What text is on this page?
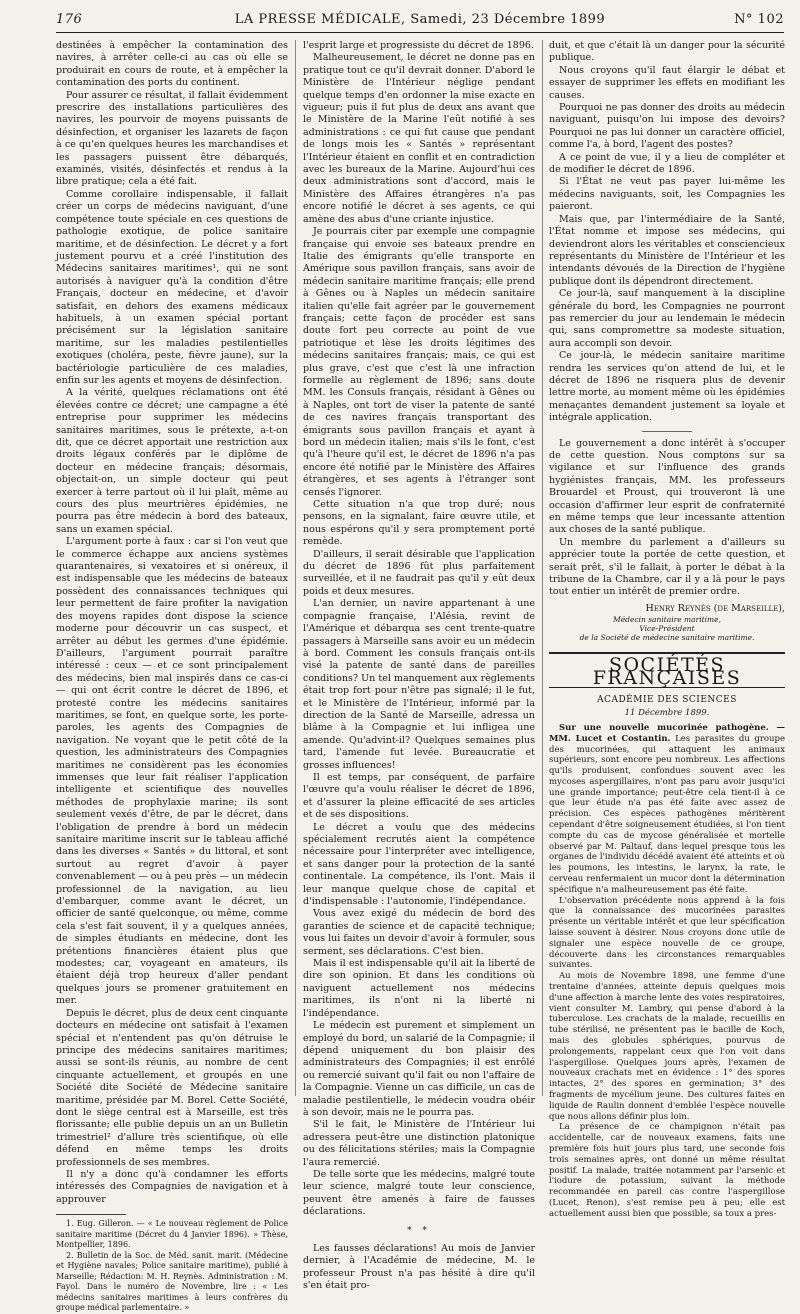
176	LA PRESSE MÉDICALE, Samedi, 23 Décembre 1899	N° 102

destinées à empêcher la contamination des navires, à arrêter celle-ci au cas où elle se produirait en cours de route, et à empêcher la contamination des ports du continent.

Pour assurer ce résultat, il fallait évidemment prescrire des installations particulières des navires, les pourvoir de moyens puissants de désinfection, et organiser les lazarets de façon à ce qu'en quelques heures les marchandises et les passagers puissent être débarqués, examinés, visités, désinfectés et rendus à la libre pratique; cela a été fait.

Comme corollaire indispensable, il fallait créer un corps de médecins naviguant, d'une compétence toute spéciale en ces questions de pathologie exotique, de police sanitaire maritime, et de désinfection. Le décret y a fort justement pourvu et a créé l'institution des Médecins sanitaires maritimes¹, qui ne sont autorisés à naviguer qu'à la condition d'être Français, docteur en médecine, et d'avoir satisfait, en dehors des examens médicaux habituels, à un examen spécial portant précisément sur la législation sanitaire maritime, sur les maladies pestilentielles exotiques (choléra, peste, fièvre jaune), sur la bactériologie particulière de ces maladies, enfin sur les agents et moyens de désinfection.

A la vérité, quelques réclamations ont été élevées contre ce décret; une campagne a été entreprise pour supprimer les médecins sanitaires maritimes, sous le prétexte, a-t-on dit, que ce décret apportait une restriction aux droits légaux conférés par le diplôme de docteur en médecine français; désormais, objectait-on, un simple docteur qui peut exercer à terre partout où il lui plaît, même au cours des plus meurtrières épidémies, ne pourra pas être médecin à bord des bateaux, sans un examen spécial.

L'argument porte à faux : car si l'on veut que le commerce échappe aux anciens systèmes quarantenaires, si vexatoires et si onéreux, il est indispensable que les médecins de bateaux possèdent des connaissances techniques qui leur permettent de faire profiter la navigation des moyens rapides dont dispose la science moderne pour découvrir un cas suspect, et arrêter au début les germes d'une épidémie. D'ailleurs, l'argument pourrait paraître intéressé : ceux — et ce sont principalement des médecins, bien mal inspirés dans ce cas-ci — qui ont écrit contre le décret de 1896, et protesté contre les médecins sanitaires maritimes, se font, en quelque sorte, les porte-paroles, les agents des Compagnies de navigation. Ne voyant que le petit côté de la question, les administrateurs des Compagnies maritimes ne considèrent pas les économies immenses que leur fait réaliser l'application intelligente et scientifique des nouvelles méthodes de prophylaxie marine; ils sont seulement vexés d'être, de par le décret, dans l'obligation de prendre à bord un médecin sanitaire maritime inscrit sur le tableau affiché dans les diverses « Santés » du littoral, et sont surtout au regret d'avoir à payer convenablement — ou à peu près — un médecin professionnel de la navigation, au lieu d'embarquer, comme avant le décret, un officier de santé quelconque, ou même, comme cela s'est fait souvent, il y a quelques années, de simples étudiants en médecine, dont les prétentions financières étaient plus que modestes; car, voyageant en amateurs, ils étaient déjà trop heureux d'aller pendant quelques jours se promener gratuitement en mer.

Depuis le décret, plus de deux cent cinquante docteurs en médecine ont satisfait à l'examen spécial et n'entendent pas qu'on détruise le principe des médecins sanitaires maritimes; aussi se sont-ils réunis, au nombre de cent cinquante actuellement, et groupés en une Société dite Société de Médecine sanitaire maritime, présidée par M. Borel. Cette Société, dont le siège central est à Marseille, est très florissante; elle publie depuis un an un Bulletin trimestriel² d'allure très scientifique, où elle défend en même temps les droits professionnels de ses membres.

Il n'y a donc qu'à condamner les efforts intéressés des Compagnies de navigation et à approuver

1. Eug. Gilleron. — « Le nouveau règlement de Police sanitaire maritime (Décret du 4 Janvier 1896). » Thèse, Montpellier, 1896.

2. Bulletin de la Soc. de Méd. sanit. marit. (Médecine et Hygiène navales; Police sanitaire maritime), publié à Marseille; Rédaction: M. H. Reynès. Administration : M. Fayol. Dans le numéro de Novembre, lire : « Les médecins sanitaires maritimes à leurs confrères du groupe médical parlementaire. »

l'esprit large et progressiste du décret de 1896.

Malheureusement, le décret ne donne pas en pratique tout ce qu'il devrait donner. D'abord le Ministère de l'Intérieur néglige pendant quelque temps d'en ordonner la mise exacte en vigueur; puis il fut plus de deux ans avant que le Ministère de la Marine l'eût notifié à ses administrations : ce qui fut cause que pendant de longs mois les « Santés » représentant l'Intérieur étaient en conflit et en contradiction avec les bureaux de la Marine. Aujourd'hui ces deux administrations sont d'accord, mais le Ministère des Affaires étrangères n'a pas encore notifié le décret à ses agents, ce qui amène des abus d'une criante injustice.

Je pourrais citer par exemple une compagnie française qui envoie ses bateaux prendre en Italie des émigrants qu'elle transporte en Amérique sous pavillon français, sans avoir de médecin sanitaire maritime français; elle prend à Gênes ou à Naples un médecin sanitaire italien qu'elle fait agréer par le gouvernement français; cette façon de procéder est sans doute fort peu correcte au point de vue patriotique et lèse les droits légitimes des médecins sanitaires français; mais, ce qui est plus grave, c'est que c'est là une infraction formelle au règlement de 1896; sans doute MM. les Consuls français, résidant à Gênes ou à Naples, ont tort de viser la patente de santé de ces navires français transportant des émigrants sous pavillon français et ayant à bord un médecin italien; mais s'ils le font, c'est qu'à l'heure qu'il est, le décret de 1896 n'a pas encore été notifié par le Ministère des Affaires étrangères, et ses agents à l'étranger sont censés l'ignorer.

Cette situation n'a que trop duré; nous pensons, en la signalant, faire œuvre utile, et nous espérons qu'il y sera promptement porté remède.

D'ailleurs, il serait désirable que l'application du décret de 1896 fût plus parfaitement surveillée, et il ne faudrait pas qu'il y eût deux poids et deux mesures.

L'an dernier, un navire appartenant à une compagnie française, l'Alésia, revint de l'Amérique et débarqua ses cent trente-quatre passagers à Marseille sans avoir eu un médecin à bord. Comment les consuls français ont-ils visé la patente de santé dans de pareilles conditions? Un tel manquement aux règlements était trop fort pour n'être pas signalé; il le fut, et le Ministère de l'Intérieur, informé par la direction de la Santé de Marseille, adressa un blâme à la Compagnie et lui infligea une amende. Qu'advint-il? Quelques semaines plus tard, l'amende fut levée. Bureaucratie et grosses influences!

Il est temps, par conséquent, de parfaire l'œuvre qu'a voulu réaliser le décret de 1896, et d'assurer la pleine efficacité de ses articles et de ses dispositions.

Le décret a voulu que des médecins spécialement recrutés aient la compétence nécessaire pour l'interpréter avec intelligence, et sans danger pour la protection de la santé continentale. La compétence, ils l'ont. Mais il leur manque quelque chose de capital et d'indispensable : l'autonomie, l'indépendance.

Vous avez exigé du médecin de bord des garanties de science et de capacité technique; vous lui faites un devoir d'avoir à formuler, sous serment, ses déclarations. C'est bien.

Mais il est indispensable qu'il ait la liberté de dire son opinion. Et dans les conditions où naviguent actuellement nos médecins maritimes, ils n'ont ni la liberté ni l'indépendance.

Le médecin est purement et simplement un employé du bord, un salarié de la Compagnie; il dépend uniquement du bon plaisir des administrateurs des Compagnies; il est enrôlé ou remercié suivant qu'il fait ou non l'affaire de la Compagnie. Vienne un cas difficile, un cas de maladie pestilentielle, le médecin voudra obéir à son devoir, mais ne le pourra pas.

S'il le fait, le Ministère de l'Intérieur lui adressera peut-être une distinction platonique ou des félicitations stériles; mais la Compagnie l'aura remercié.

De telle sorte que les médecins, malgré toute leur science, malgré toute leur conscience, peuvent être amenés à faire de fausses déclarations.

* *

Les fausses déclarations! Au mois de Janvier dernier, à l'Académie de médecine, M. le professeur Proust n'a pas hésité à dire qu'il s'en était pro-

duit, et que c'était là un danger pour la sécurité publique.

Nous croyons qu'il faut élargir le débat et essayer de supprimer les effets en modifiant les causes.

Pourquoi ne pas donner des droits au médecin naviguant, puisqu'on lui impose des devoirs? Pourquoi ne pas lui donner un caractère officiel, comme l'a, à bord, l'agent des postes?

A ce point de vue, il y a lieu de compléter et de modifier le décret de 1896.

Si l'État ne veut pas payer lui-même les médecins naviguants, soit, les Compagnies les paieront.

Mais que, par l'intermédiaire de la Santé, l'État nomme et impose ses médecins, qui deviendront alors les véritables et consciencieux représentants du Ministère de l'Intérieur et les intendants dévoués de la Direction de l'hygiène publique dont ils dépendront directement.

Ce jour-là, sauf manquement à la discipline générale du bord, les Compagnies ne pourront pas remercier du jour au lendemain le médecin qui, sans compromettre sa modeste situation, aura accompli son devoir.

Ce jour-là, le médecin sanitaire maritime rendra les services qu'on attend de lui, et le décret de 1896 ne risquera plus de devenir lettre morte, au moment même où les épidémies menaçantes demandent justement sa loyale et intégrale application.

Le gouvernement a donc intérêt à s'occuper de cette question. Nous comptons sur sa vigilance et sur l'influence des grands hygiénistes français, MM. les professeurs Brouardel et Proust, qui trouveront là une occasion d'affirmer leur esprit de confraternité en même temps que leur incessante attention aux choses de la santé publique.

Un membre du parlement a d'ailleurs su apprécier toute la portée de cette question, et serait prêt, s'il le fallait, à porter le débat à la tribune de la Chambre, car il y a là pour le pays tout entier un intérêt de premier ordre.

Henry Reynès (de Marseille),
Médecin sanitaire maritime,
Vice-Président
de la Société de médecine sanitaire maritime.
SOCIÉTÉS FRANÇAISES
ACADÉMIE DES SCIENCES
11 Décembre 1899.

Sur une nouvelle mucorinée pathogène. — MM. Lucet et Costantin. Les parasites du groupe des mucorinées, qui attaquent les animaux supérieurs, sont encore peu nombreux. Les affections qu'ils produisent, confondues souvent avec les mycoses aspergillaires, n'ont pas paru avoir jusqu'ici une grande importance; peut-être cela tient-il à ce que leur étude n'a pas été faite avec assez de précision. Ces espèces pathogènes méritèrent cependant d'être soigneusement étudiées, si l'on tient compte du cas de mycose généralisée et mortelle observé par M. Paltauf, dans lequel presque tous les organes de l'individu décédé avaient été atteints et où les poumons, les intestins, le larynx, la rate, le cerveau renfermaient un mucor dont la détermination spécifique n'a malheureusement pas été faite.

L'observation précédente nous apprend à la fois que la connaissance des mucorinées parasites présente un véritable intérêt et que leur spécification laisse souvent à désirer. Nous croyons donc utile de signaler une espèce nouvelle de ce groupe, découverte dans les circonstances remarquables suivantes.

Au mois de Novembre 1898, une femme d'une trentaine d'années, atteinte depuis quelques mois d'une affection à marche lente des voies respiratoires, vient consulter M. Lambry, qui pense d'abord à la tuberculose. Les crachats de la malade, recueillis en tube stérilisé, ne présentent pas le bacille de Koch, mais des globules sphériques, pourvus de prolongements, rappelant ceux que l'on voit dans l'aspergillose. Quelques jours après, l'examen de nouveaux crachats met en évidence : 1° des spores intactes, 2° des spores en germination; 3° des fragments de mycélium jeune. Des cultures faites en liquide de Raulin donnent d'emblée l'espèce nouvelle que nous allons définir plus loin.

La présence de ce champignon n'était pas accidentelle, car de nouveaux examens, faits une première fois huit jours plus tard, une seconde fois trois semaines après, ont donné un même résultat positif. La malade, traitée notamment par l'arsenic et l'iodure de potassium, suivant la méthode recommandée en pareil cas contre l'aspergillose (Lucet, Renon), s'est remise peu à peu; elle est actuellement aussi bien que possible, sa toux a pres-
